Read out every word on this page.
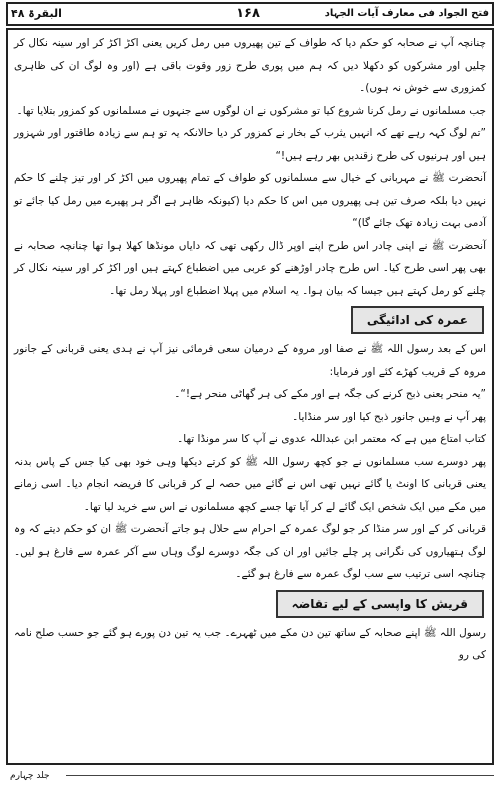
فتح الجواد فی معارف آیات الجہاد
۱۶۸
البقرۃ ۴۸

چنانچہ آپ نے صحابہ کو حکم دیا کہ طواف کے تین پھیروں میں رمل کریں یعنی اکڑ اکڑ کر اور سینہ نکال کر چلیں اور مشرکوں کو دکھلا دیں کہ ہم میں پوری طرح زور وقوت باقی ہے (اور وہ لوگ ان کی ظاہری کمزوری سے خوش نہ ہوں)۔

جب مسلمانوں نے رمل کرنا شروع کیا تو مشرکوں نے ان لوگوں سے جنہوں نے مسلمانوں کو کمزور بتلایا تھا۔

”تم لوگ کہہ رہے تھے کہ انہیں یثرب کے بخار نے کمزور کر دیا حالانکہ یہ تو ہم سے زیادہ طاقتور اور شہزور ہیں اور ہرنیوں کی طرح زقندیں بھر رہے ہیں!“

آنحضرت ﷺ نے مہربانی کے خیال سے مسلمانوں کو طواف کے تمام پھیروں میں اکڑ کر اور تیز چلنے کا حکم نہیں دیا بلکہ صرف تین ہی پھیروں میں اس کا حکم دیا (کیونکہ ظاہر ہے اگر ہر پھیرے میں رمل کیا جائے تو آدمی بہت زیادہ تھک جائے گا)“

آنحضرت ﷺ نے اپنی چادر اس طرح اپنے اوپر ڈال رکھی تھی کہ دایاں مونڈھا کھلا ہوا تھا چنانچہ صحابہ نے بھی پھر اسی طرح کیا۔ اس طرح چادر اوڑھنے کو عربی میں اضطباع کہتے ہیں اور اکڑ کر اور سینہ نکال کر چلنے کو رمل کہتے ہیں جیسا کہ بیان ہوا۔ یہ اسلام میں پہلا اضطباع اور پہلا رمل تھا۔

عمرہ کی ادائیگی

اس کے بعد رسول اللہ ﷺ نے صفا اور مروہ کے درمیان سعی فرمائی نیز آپ نے ہدی یعنی قربانی کے جانور مروہ کے قریب کھڑے کئے اور فرمایا:

”یہ منحر یعنی ذبح کرنے کی جگہ ہے اور مکے کی ہر گھاٹی منحر ہے!“۔

پھر آپ نے وہیں جانور ذبح کیا اور سر منڈایا۔

کتاب امتاع میں ہے کہ معتمر ابن عبداللہ عدوی نے آپ کا سر مونڈا تھا۔

پھر دوسرے سب مسلمانوں نے جو کچھ رسول اللہ ﷺ کو کرتے دیکھا وہی خود بھی کیا جس کے پاس بدنہ یعنی قربانی کا اونٹ یا گائے نہیں تھی اس نے گائے میں حصہ لے کر قربانی کا فریضہ انجام دیا۔ اسی زمانے میں مکے میں ایک شخص ایک گائے لے کر آیا تھا جسے کچھ مسلمانوں نے اس سے خرید لیا تھا۔

قربانی کر کے اور سر منڈا کر جو لوگ عمرہ کے احرام سے حلال ہو جاتے آنحضرت ﷺ ان کو حکم دیتے کہ وہ لوگ ہتھیاروں کی نگرانی پر چلے جائیں اور ان کی جگہ دوسرے لوگ وہاں سے آکر عمرہ سے فارغ ہو لیں۔ چنانچہ اسی ترتیب سے سب لوگ عمرہ سے فارغ ہو گئے۔

قریش کا واپسی کے لیے تقاضہ

رسول اللہ ﷺ اپنے صحابہ کے ساتھ تین دن مکے میں ٹھہرے۔ جب یہ تین دن پورے ہو گئے جو حسب صلح نامہ کی رو

جلد چہارم
